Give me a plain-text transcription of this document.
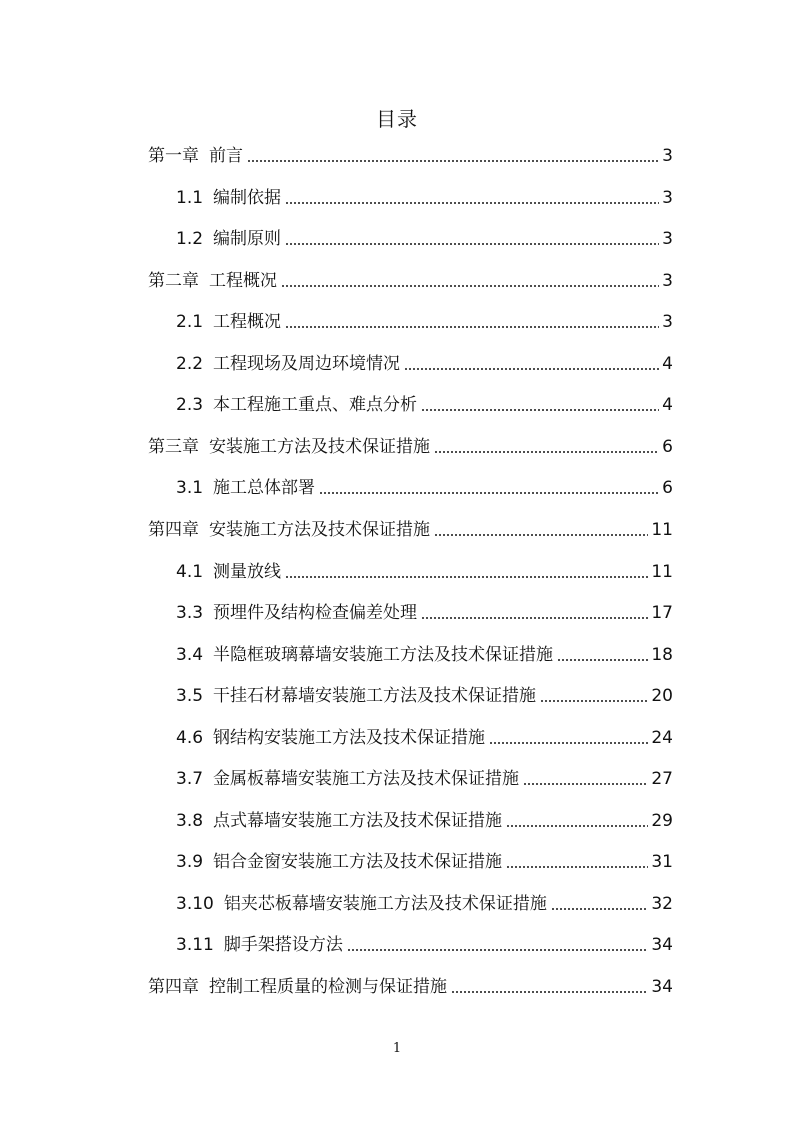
目录
第一章 前言	3
1.1 编制依据	3
1.2 编制原则	3
第二章 工程概况	3
2.1 工程概况	3
2.2 工程现场及周边环境情况	4
2.3 本工程施工重点、难点分析	4
第三章 安装施工方法及技术保证措施	6
3.1 施工总体部署	6
第四章 安装施工方法及技术保证措施	11
4.1 测量放线	11
3.3 预埋件及结构检查偏差处理	17
3.4 半隐框玻璃幕墙安装施工方法及技术保证措施	18
3.5 干挂石材幕墙安装施工方法及技术保证措施	20
4.6 钢结构安装施工方法及技术保证措施	24
3.7 金属板幕墙安装施工方法及技术保证措施	27
3.8 点式幕墙安装施工方法及技术保证措施	29
3.9 铝合金窗安装施工方法及技术保证措施	31
3.10 铝夹芯板幕墙安装施工方法及技术保证措施	32
3.11 脚手架搭设方法	34
第四章 控制工程质量的检测与保证措施	34
1
